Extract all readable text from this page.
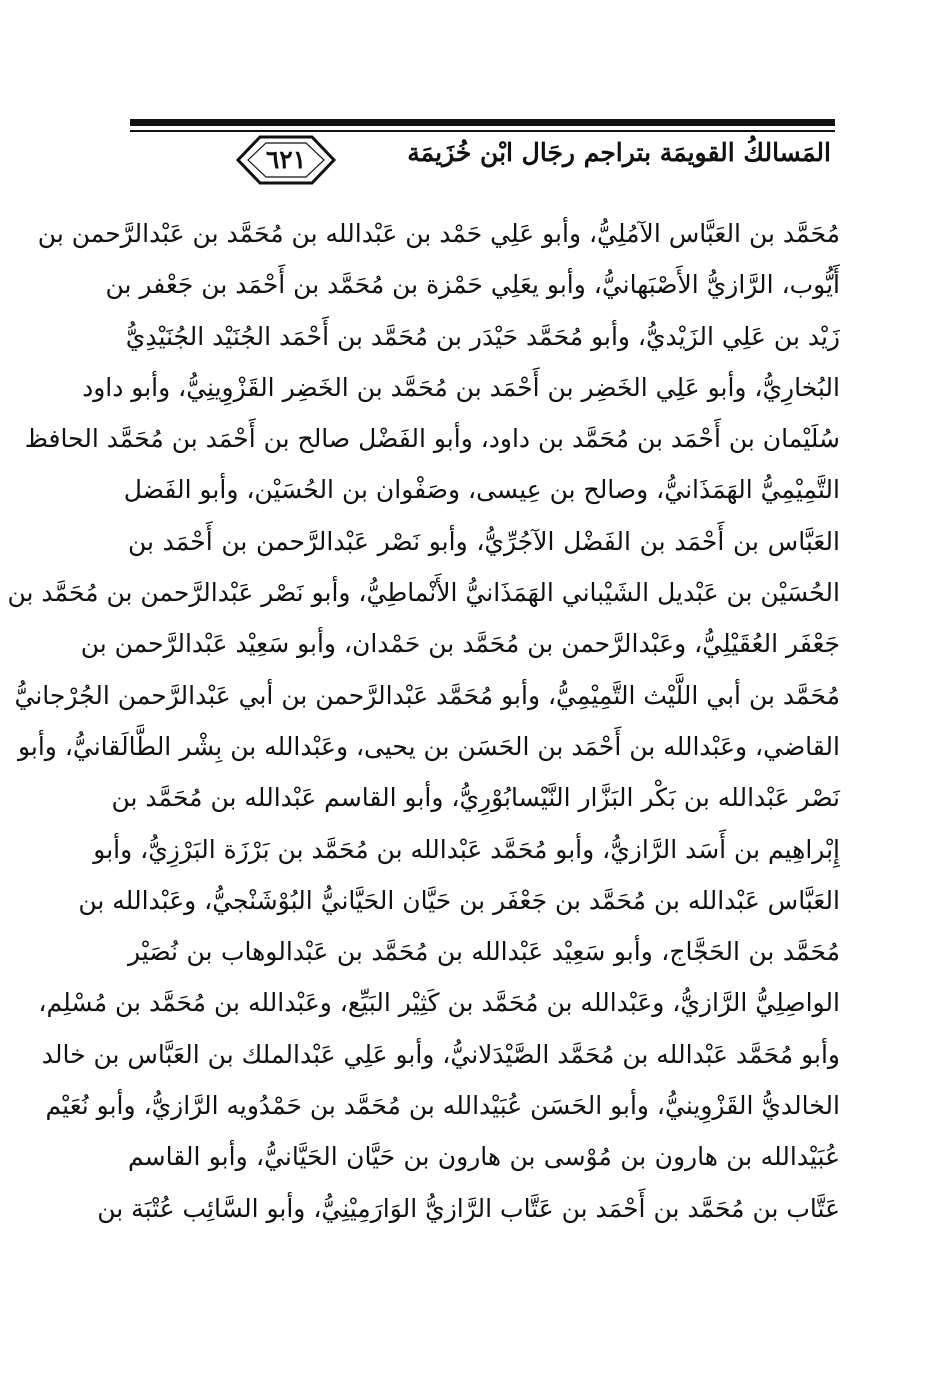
المَسالكُ القويمَة بتراجم رجَال ابْن خُزَيمَة
٦٢١
مُحَمَّد بن العَبَّاس الآمُلِيُّ، وأبو عَلِي حَمْد بن عَبْدالله بن مُحَمَّد بن عَبْدالرَّحمن بن
أَيُّوب، الرَّازيُّ الأَصْبَهانيُّ، وأبو يعَلِي حَمْزة بن مُحَمَّد بن أَحْمَد بن جَعْفر بن
زَيْد بن عَلِي الزَيْديُّ، وأبو مُحَمَّد حَيْدَر بن مُحَمَّد بن أَحْمَد الجُنَيْد الجُنَيْدِيُّ
البُخارِيُّ، وأبو عَلِي الخَضِر بن أَحْمَد بن مُحَمَّد بن الخَضِر القَزْوِينِيُّ، وأبو داود
سُلَيْمان بن أَحْمَد بن مُحَمَّد بن داود، وأبو الفَضْل صالح بن أَحْمَد بن مُحَمَّد الحافظ
التَّمِيْمِيُّ الهَمَذَانيُّ، وصالح بن عِيسى، وصَفْوان بن الحُسَيْن، وأبو الفَضل
العَبَّاس بن أَحْمَد بن الفَضْل الآجُرِّيُّ، وأبو نَصْر عَبْدالرَّحمن بن أَحْمَد بن
الحُسَيْن بن عَبْديل الشَيْباني الهَمَذَانيُّ الأَنْماطِيُّ، وأبو نَصْر عَبْدالرَّحمن بن مُحَمَّد بن
جَعْفَر العُقَيْلِيُّ، وعَبْدالرَّحمن بن مُحَمَّد بن حَمْدان، وأبو سَعِيْد عَبْدالرَّحمن بن
مُحَمَّد بن أبي اللَّيْث التَّمِيْمِيُّ، وأبو مُحَمَّد عَبْدالرَّحمن بن أبي عَبْدالرَّحمن الجُرْجانيُّ
القاضي، وعَبْدالله بن أَحْمَد بن الحَسَن بن يحيى، وعَبْدالله بن بِشْر الطَّالَقانيُّ، وأبو
نَصْر عَبْدالله بن بَكْر البَزَّار النَّيْسابُوْرِيُّ، وأبو القاسم عَبْدالله بن مُحَمَّد بن
إِبْراهِيم بن أَسَد الرَّازيُّ، وأبو مُحَمَّد عَبْدالله بن مُحَمَّد بن بَرْزَة البَرْزِيُّ، وأبو
العَبَّاس عَبْدالله بن مُحَمَّد بن جَعْفَر بن حَيَّان الحَيَّانيُّ البُوْشَنْجيُّ، وعَبْدالله بن
مُحَمَّد بن الحَجَّاج، وأبو سَعِيْد عَبْدالله بن مُحَمَّد بن عَبْدالوهاب بن نُصَيْر
الواصِلِيُّ الرَّازيُّ، وعَبْدالله بن مُحَمَّد بن كَثِيْر البَيِّع، وعَبْدالله بن مُحَمَّد بن مُسْلِم،
وأبو مُحَمَّد عَبْدالله بن مُحَمَّد الصَّيْدَلانيُّ، وأبو عَلِي عَبْدالملك بن العَبَّاس بن خالد
الخالديُّ القَزْوِينيُّ، وأبو الحَسَن عُبَيْدالله بن مُحَمَّد بن حَمْدُويه الرَّازيُّ، وأبو نُعَيْم
عُبَيْدالله بن هارون بن مُوْسى بن هارون بن حَيَّان الحَيَّانيُّ، وأبو القاسم
عَتَّاب بن مُحَمَّد بن أَحْمَد بن عَتَّاب الرَّازيُّ الوَارَمِيْنِيُّ، وأبو السَّائِب عُتْبَة بن
